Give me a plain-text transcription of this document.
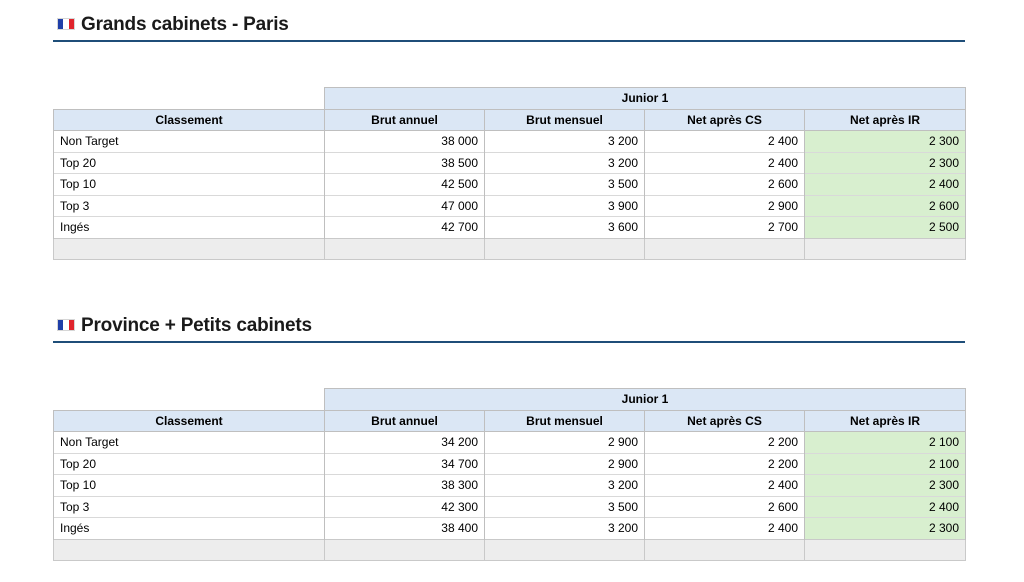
Grands cabinets - Paris
	Junior 1			
Classement	Brut annuel	Brut mensuel	Net après CS	Net après IR
Non Target	38 000	3 200	2 400	2 300
Top 20	38 500	3 200	2 400	2 300
Top 10	42 500	3 500	2 600	2 400
Top 3	47 000	3 900	2 900	2 600
Ingés	42 700	3 600	2 700	2 500

Province + Petits cabinets
	Junior 1			
Classement	Brut annuel	Brut mensuel	Net après CS	Net après IR
Non Target	34 200	2 900	2 200	2 100
Top 20	34 700	2 900	2 200	2 100
Top 10	38 300	3 200	2 400	2 300
Top 3	42 300	3 500	2 600	2 400
Ingés	38 400	3 200	2 400	2 300
